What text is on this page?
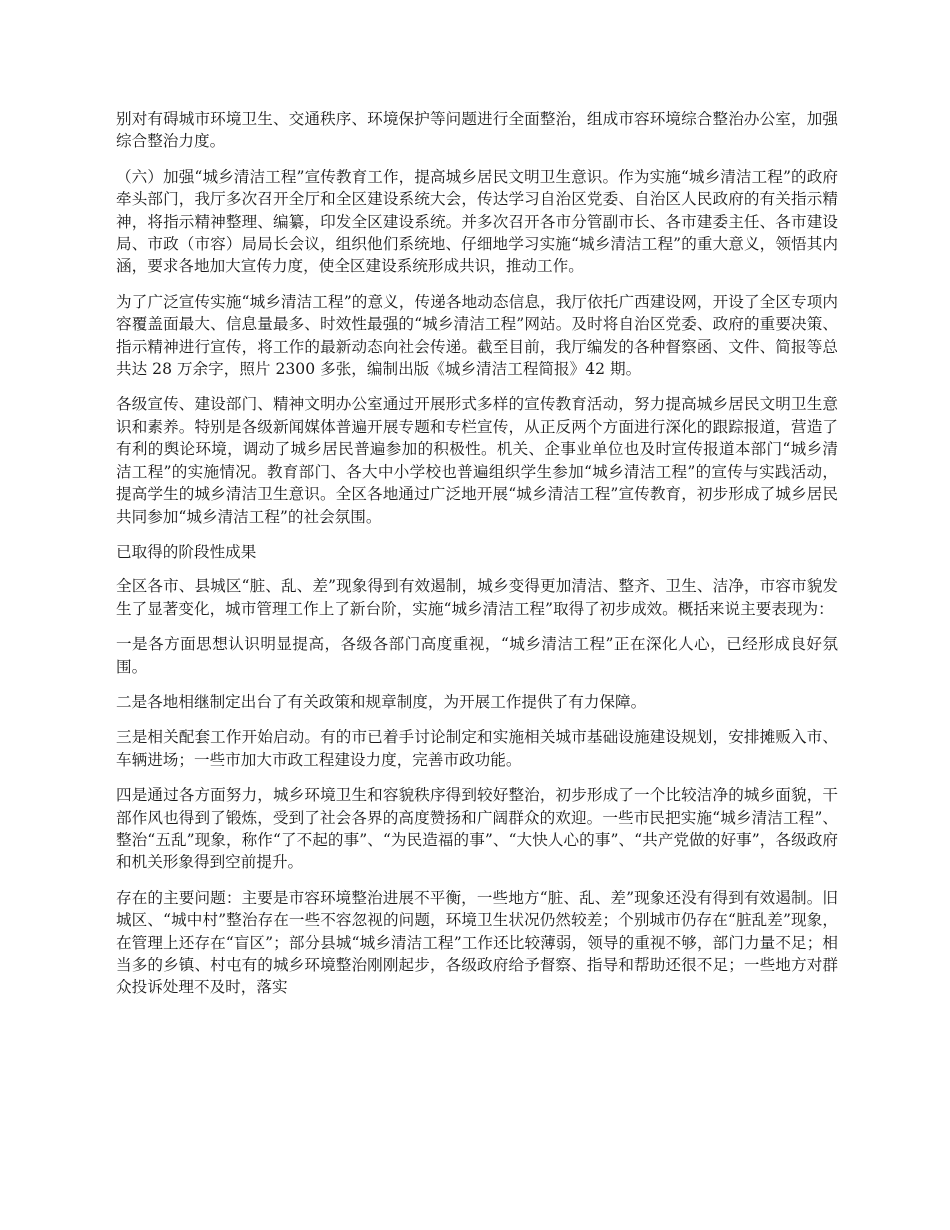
别对有碍城市环境卫生、交通秩序、环境保护等问题进行全面整治，组成市容环境综合整治办公室，加强综合整治力度。

（六）加强“城乡清洁工程”宣传教育工作，提高城乡居民文明卫生意识。作为实施“城乡清洁工程”的政府牵头部门，我厅多次召开全厅和全区建设系统大会，传达学习自治区党委、自治区人民政府的有关指示精神，将指示精神整理、编纂，印发全区建设系统。并多次召开各市分管副市长、各市建委主任、各市建设局、市政（市容）局局长会议，组织他们系统地、仔细地学习实施“城乡清洁工程”的重大意义，领悟其内涵，要求各地加大宣传力度，使全区建设系统形成共识，推动工作。

为了广泛宣传实施“城乡清洁工程”的意义，传递各地动态信息，我厅依托广西建设网，开设了全区专项内容覆盖面最大、信息量最多、时效性最强的“城乡清洁工程”网站。及时将自治区党委、政府的重要决策、指示精神进行宣传，将工作的最新动态向社会传递。截至目前，我厅编发的各种督察函、文件、简报等总共达 28 万余字，照片 2300 多张，编制出版《城乡清洁工程简报》42 期。

各级宣传、建设部门、精神文明办公室通过开展形式多样的宣传教育活动，努力提高城乡居民文明卫生意识和素养。特别是各级新闻媒体普遍开展专题和专栏宣传，从正反两个方面进行深化的跟踪报道，营造了有利的舆论环境，调动了城乡居民普遍参加的积极性。机关、企事业单位也及时宣传报道本部门“城乡清洁工程”的实施情况。教育部门、各大中小学校也普遍组织学生参加“城乡清洁工程”的宣传与实践活动，提高学生的城乡清洁卫生意识。全区各地通过广泛地开展“城乡清洁工程”宣传教育，初步形成了城乡居民共同参加“城乡清洁工程”的社会氛围。

已取得的阶段性成果

全区各市、县城区“脏、乱、差”现象得到有效遏制，城乡变得更加清洁、整齐、卫生、洁净，市容市貌发生了显著变化，城市管理工作上了新台阶，实施“城乡清洁工程”取得了初步成效。概括来说主要表现为：

一是各方面思想认识明显提高，各级各部门高度重视，“城乡清洁工程”正在深化人心，已经形成良好氛围。

二是各地相继制定出台了有关政策和规章制度，为开展工作提供了有力保障。

三是相关配套工作开始启动。有的市已着手讨论制定和实施相关城市基础设施建设规划，安排摊贩入市、车辆进场；一些市加大市政工程建设力度，完善市政功能。

四是通过各方面努力，城乡环境卫生和容貌秩序得到较好整治，初步形成了一个比较洁净的城乡面貌，干部作风也得到了锻炼，受到了社会各界的高度赞扬和广阔群众的欢迎。一些市民把实施“城乡清洁工程”、整治“五乱”现象，称作“了不起的事”、“为民造福的事”、“大快人心的事”、“共产党做的好事”，各级政府和机关形象得到空前提升。

存在的主要问题：主要是市容环境整治进展不平衡，一些地方“脏、乱、差”现象还没有得到有效遏制。旧城区、“城中村”整治存在一些不容忽视的问题，环境卫生状况仍然较差；个别城市仍存在“脏乱差”现象，在管理上还存在“盲区”；部分县城“城乡清洁工程”工作还比较薄弱，领导的重视不够，部门力量不足；相当多的乡镇、村屯有的城乡环境整治刚刚起步，各级政府给予督察、指导和帮助还很不足；一些地方对群众投诉处理不及时，落实
